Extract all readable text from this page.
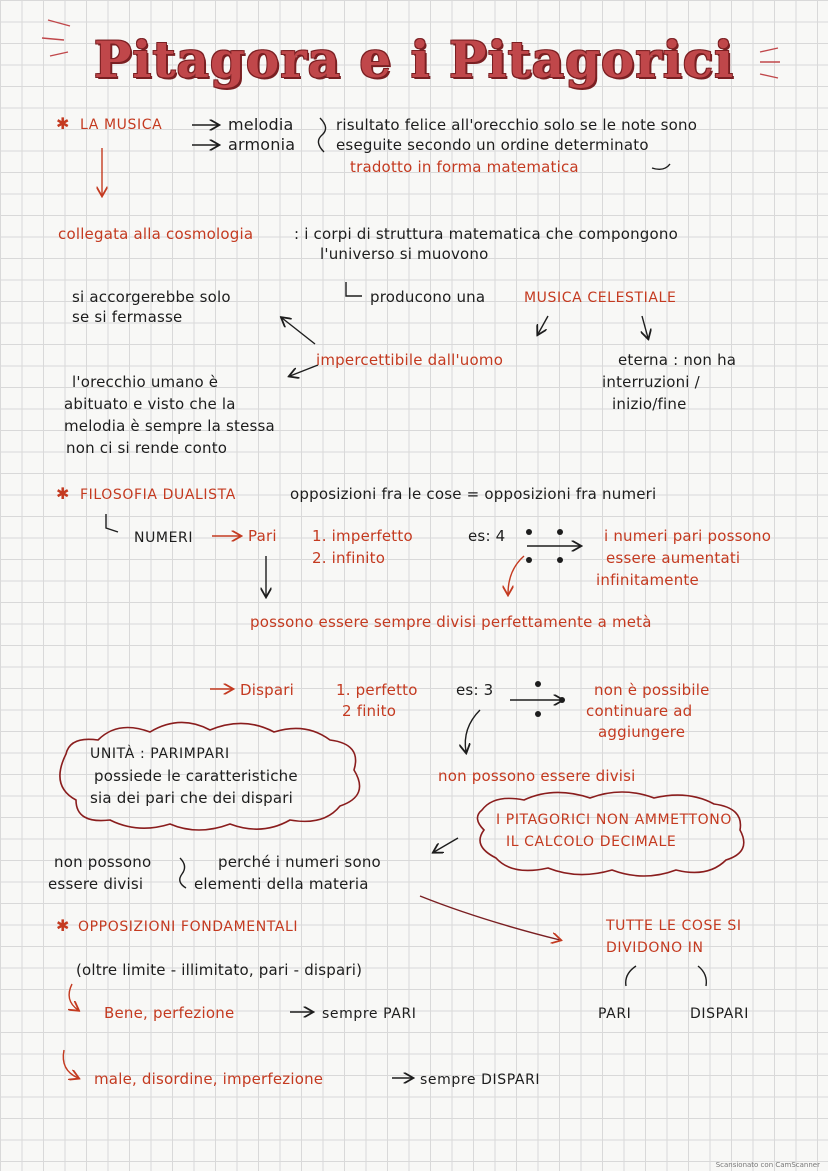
Pitagora e i Pitagorici
✱ LA MUSICA	melodia
armonia
risultato felice all'orecchio solo se le note sono
eseguite secondo un ordine determinato
tradotto in forma matematica
collegata alla cosmologia	: i corpi di struttura matematica che compongono
l'universo si muovono
producono una	MUSICA CELESTIALE
si accorgerebbe solo
se si fermasse
impercettibile dall'uomo	eterna : non ha
interruzioni /
inizio/fine
l'orecchio umano è
abituato e visto che la
melodia è sempre la stessa
non ci si rende conto
✱ FILOSOFIA DUALISTA	opposizioni fra le cose = opposizioni fra numeri
NUMERI	Pari 1. imperfetto
2. infinito
es: 4	i numeri pari possono
essere aumentati
infinitamente
possono essere sempre divisi perfettamente a metà
Dispari	1. perfetto
2 finito
es: 3	non è possibile
continuare ad
aggiungere
UNITÀ : PARIMPARI
possiede le caratteristiche
sia dei pari che dei dispari
non possono essere divisi
I PITAGORICI NON AMMETTONO
IL CALCOLO DECIMALE
non possono
essere divisi
perché i numeri sono
elementi della materia
✱ OPPOSIZIONI FONDAMENTALI
(oltre limite - illimitato, pari - dispari)
Bene, perfezione	sempre PARI
male, disordine, imperfezione	sempre DISPARI
TUTTE LE COSE SI
DIVIDONO IN
PARI	DISPARI
Scansionato con CamScanner
